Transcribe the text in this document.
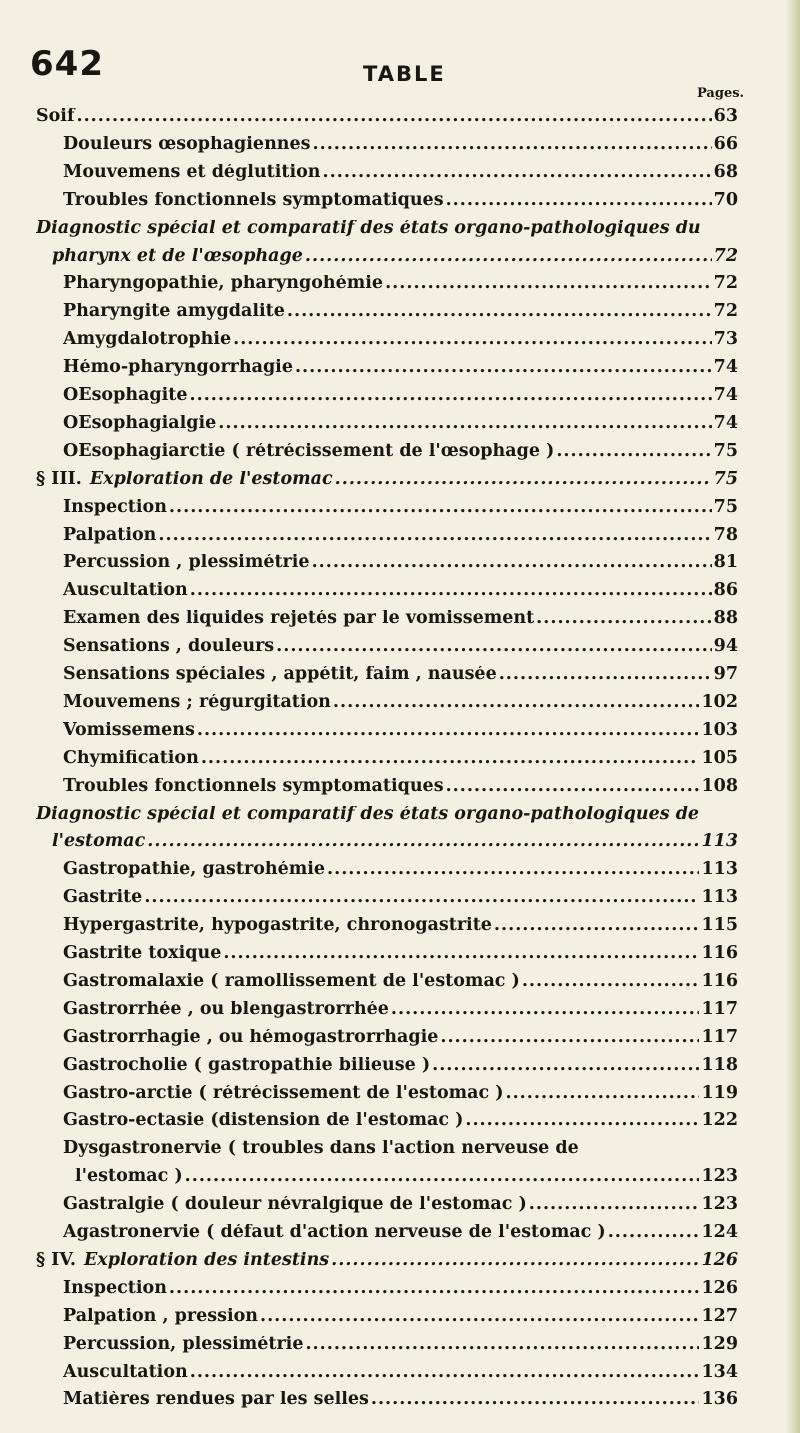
642	TABLE
Pages.
Soif .....	63
Douleurs œsophagiennes .....	66
Mouvemens et déglutition .....	68
Troubles fonctionnels symptomatiques .....	70
Diagnostic spécial et comparatif des états organo-pathologiques du
pharynx et de l'œsophage .....	72
Pharyngopathie, pharyngohémie .....	72
Pharyngite amygdalite .....	72
Amygdalotrophie .....	73
Hémo-pharyngorrhagie .....	74
OEsophagite .....	74
OEsophagialgie .....	74
OEsophagiarctie ( rétrécissement de l'œsophage ) .....	75
§ III. Exploration de l'estomac .....	75
Inspection .....	75
Palpation .....	78
Percussion , plessimétrie .....	81
Auscultation .....	86
Examen des liquides rejetés par le vomissement .....	88
Sensations , douleurs .....	94
Sensations spéciales , appétit, faim , nausée .....	97
Mouvemens ; régurgitation .....	102
Vomissemens .....	103
Chymification .....	105
Troubles fonctionnels symptomatiques .....	108
Diagnostic spécial et comparatif des états organo-pathologiques de
l'estomac .....	113
Gastropathie, gastrohémie .....	113
Gastrite .....	113
Hypergastrite, hypogastrite, chronogastrite .....	115
Gastrite toxique .....	116
Gastromalaxie ( ramollissement de l'estomac ) .....	116
Gastrorrhée , ou blengastrorrhée .....	117
Gastrorrhagie , ou hémogastrorrhagie .....	117
Gastrocholie ( gastropathie bilieuse ) .....	118
Gastro-arctie ( rétrécissement de l'estomac ) .....	119
Gastro-ectasie (distension de l'estomac ) .....	122
Dysgastronervie ( troubles dans l'action nerveuse de
l'estomac ) .....	123
Gastralgie ( douleur névralgique de l'estomac ) .....	123
Agastronervie ( défaut d'action nerveuse de l'estomac ) .....	124
§ IV. Exploration des intestins .....	126
Inspection .....	126
Palpation , pression .....	127
Percussion, plessimétrie .....	129
Auscultation .....	134
Matières rendues par les selles .....	136
